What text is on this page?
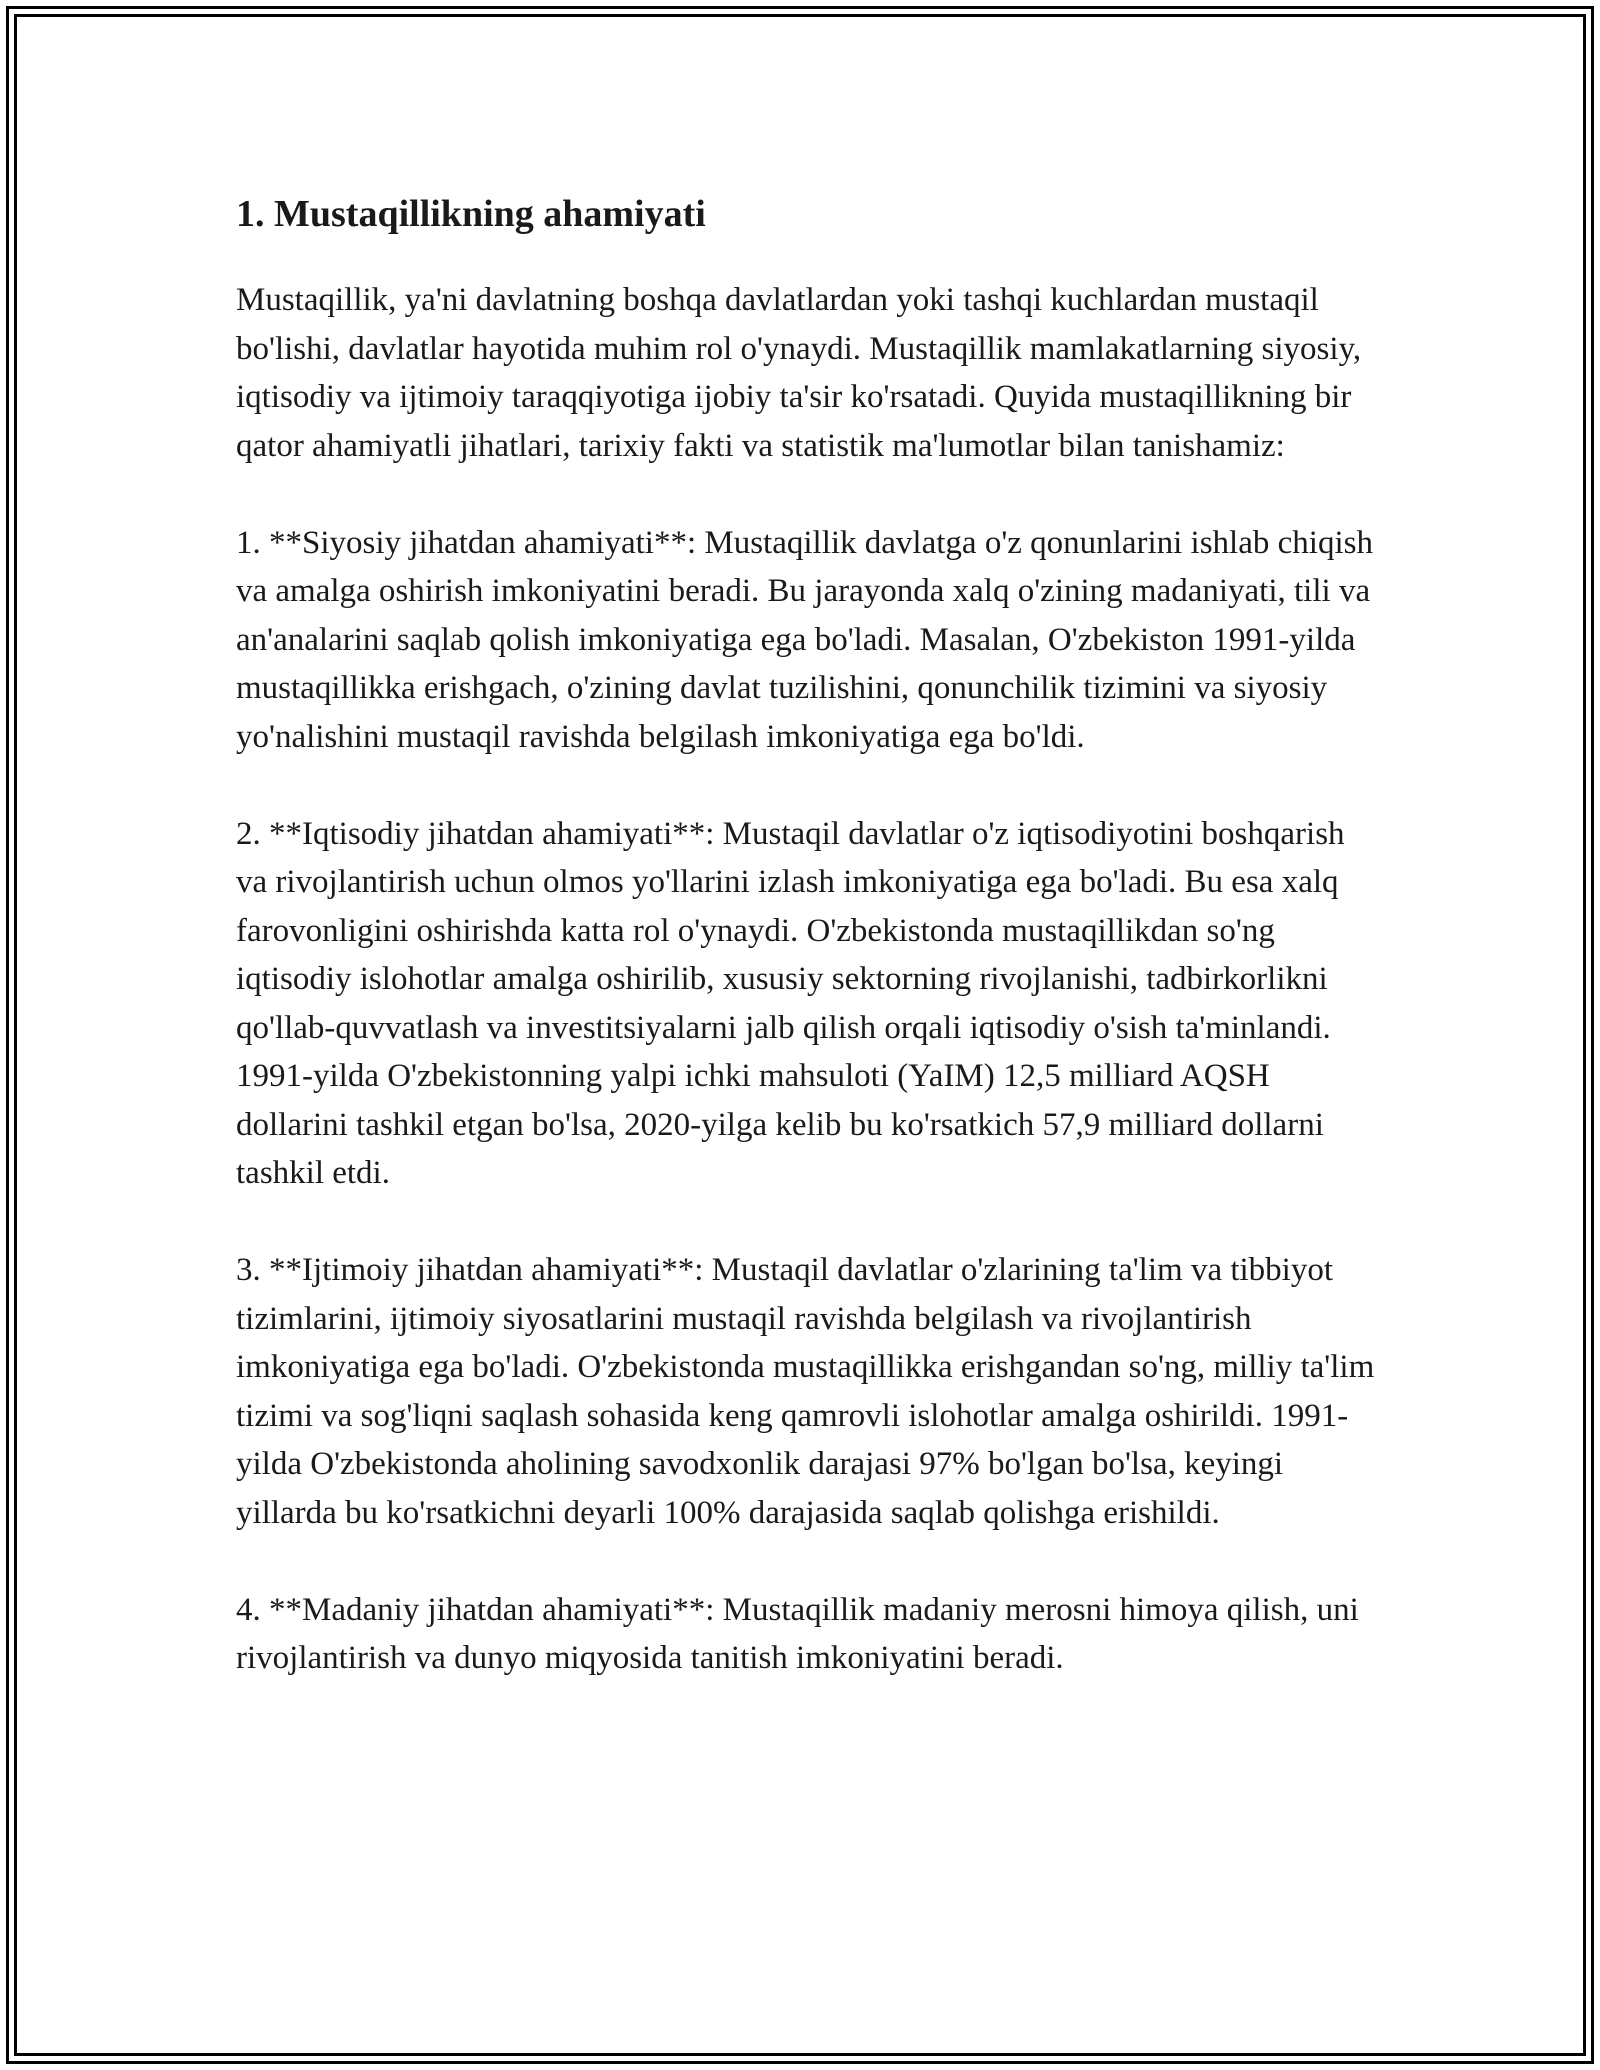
1. Mustaqillikning ahamiyati

Mustaqillik, ya'ni davlatning boshqa davlatlardan yoki tashqi kuchlardan mustaqil bo'lishi, davlatlar hayotida muhim rol o'ynaydi. Mustaqillik mamlakatlarning siyosiy, iqtisodiy va ijtimoiy taraqqiyotiga ijobiy ta'sir ko'rsatadi. Quyida mustaqillikning bir qator ahamiyatli jihatlari, tarixiy fakti va statistik ma'lumotlar bilan tanishamiz:

1. **Siyosiy jihatdan ahamiyati**: Mustaqillik davlatga o'z qonunlarini ishlab chiqish va amalga oshirish imkoniyatini beradi. Bu jarayonda xalq o'zining madaniyati, tili va an'analarini saqlab qolish imkoniyatiga ega bo'ladi. Masalan, O'zbekiston 1991-yilda mustaqillikka erishgach, o'zining davlat tuzilishini, qonunchilik tizimini va siyosiy yo'nalishini mustaqil ravishda belgilash imkoniyatiga ega bo'ldi.

2. **Iqtisodiy jihatdan ahamiyati**: Mustaqil davlatlar o'z iqtisodiyotini boshqarish va rivojlantirish uchun olmos yo'llarini izlash imkoniyatiga ega bo'ladi. Bu esa xalq farovonligini oshirishda katta rol o'ynaydi. O'zbekistonda mustaqillikdan so'ng iqtisodiy islohotlar amalga oshirilib, xususiy sektorning rivojlanishi, tadbirkorlikni qo'llab-quvvatlash va investitsiyalarni jalb qilish orqali iqtisodiy o'sish ta'minlandi. 1991-yilda O'zbekistonning yalpi ichki mahsuloti (YaIM) 12,5 milliard AQSH dollarini tashkil etgan bo'lsa, 2020-yilga kelib bu ko'rsatkich 57,9 milliard dollarni tashkil etdi.

3. **Ijtimoiy jihatdan ahamiyati**: Mustaqil davlatlar o'zlarining ta'lim va tibbiyot tizimlarini, ijtimoiy siyosatlarini mustaqil ravishda belgilash va rivojlantirish imkoniyatiga ega bo'ladi. O'zbekistonda mustaqillikka erishgandan so'ng, milliy ta'lim tizimi va sog'liqni saqlash sohasida keng qamrovli islohotlar amalga oshirildi. 1991-yilda O'zbekistonda aholining savodxonlik darajasi 97% bo'lgan bo'lsa, keyingi yillarda bu ko'rsatkichni deyarli 100% darajasida saqlab qolishga erishildi.

4. **Madaniy jihatdan ahamiyati**: Mustaqillik madaniy merosni himoya qilish, uni rivojlantirish va dunyo miqyosida tanitish imkoniyatini beradi.
